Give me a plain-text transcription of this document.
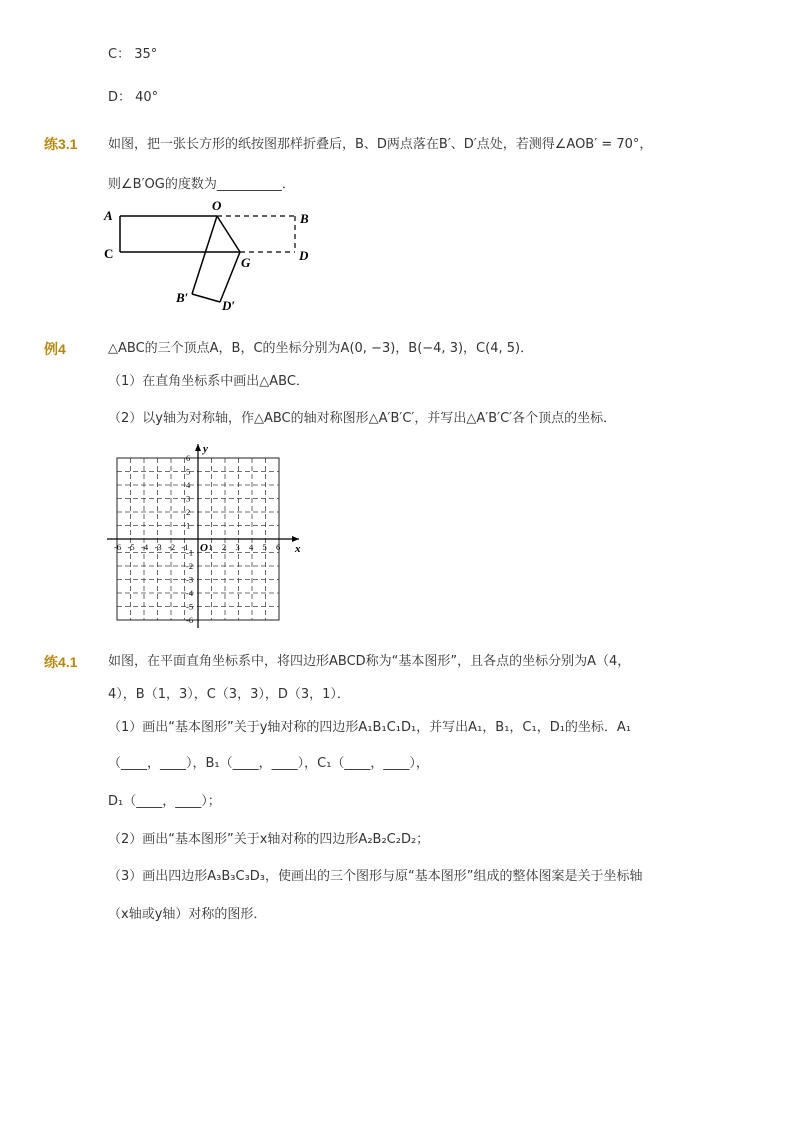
C： 35°
D： 40°
练3.1 如图，把一张长方形的纸按图那样折叠后，B、D两点落在B′、D′点处，若测得∠AOB′ = 70°，
则∠B′OG的度数为__________．
A	B
C	D
O
G
B′
D′
例4	△ABC的三个顶点A，B，C的坐标分别为A(0, −3)，B(−4, 3)，C(4, 5)．
（1）在直角坐标系中画出△ABC．
（2）以y轴为对称轴，作△ABC的轴对称图形△A′B′C′，并写出△A′B′C′各个顶点的坐标．
x
y
O
-6 -5 -4 -3 -2 -1 1 2 3 4 5 6
6
5
4
3
2
1
-1
-2
-3
-4
-5
-6
练4.1 如图，在平面直角坐标系中，将四边形ABCD称为“基本图形”，且各点的坐标分别为A（4，
4），B（1，3），C（3，3），D（3，1）．
（1）画出“基本图形”关于y轴对称的四边形A₁B₁C₁D₁，并写出A₁，B₁，C₁，D₁的坐标．A₁
（____，____），B₁（____，____），C₁（____，____），
D₁（____，____）；
（2）画出“基本图形”关于x轴对称的四边形A₂B₂C₂D₂；
（3）画出四边形A₃B₃C₃D₃，使画出的三个图形与原“基本图形”组成的整体图案是关于坐标轴
（x轴或y轴）对称的图形．
